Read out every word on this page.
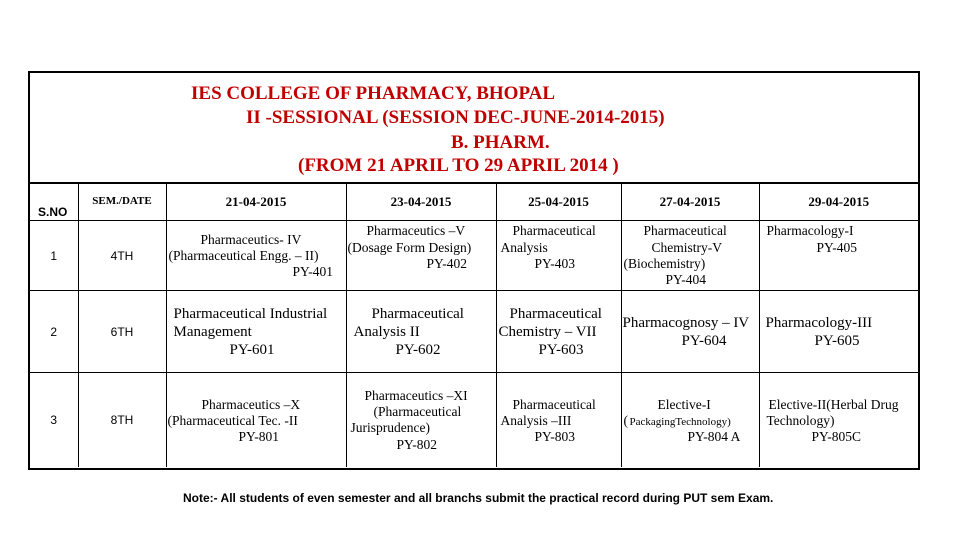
IES COLLEGE OF PHARMACY, BHOPAL
II -SESSIONAL (SESSION DEC-JUNE-2014-2015)
B. PHARM.
(FROM 21 APRIL TO 29 APRIL 2014 )
S.NO	SEM./DATE	21-04-2015	23-04-2015	25-04-2015	27-04-2015	29-04-2015
1	4TH	Pharmaceutics- IV
(Pharmaceutical Engg. – II)
PY-401	Pharmaceutics –V
(Dosage Form Design)
PY-402	Pharmaceutical
Analysis
PY-403	Pharmaceutical
Chemistry-V
(Biochemistry)
PY-404	Pharmacology-I
PY-405

2	6TH	Pharmaceutical Industrial
Management
PY-601	Pharmaceutical
Analysis II
PY-602	Pharmaceutical
Chemistry – VII
PY-603	Pharmacognosy – IV
PY-604	Pharmacology-III
PY-605

3	8TH	Pharmaceutics –X
(Pharmaceutical Tec. -II
PY-801	Pharmaceutics –XI
(Pharmaceutical
Jurisprudence)
PY-802	Pharmaceutical
Analysis –III
PY-803	Elective-I
( PackagingTechnology)
PY-804 A	Elective-II(Herbal Drug
Technology)
PY-805C
Note:- All students of even semester and all branchs submit the practical record during PUT sem Exam.
